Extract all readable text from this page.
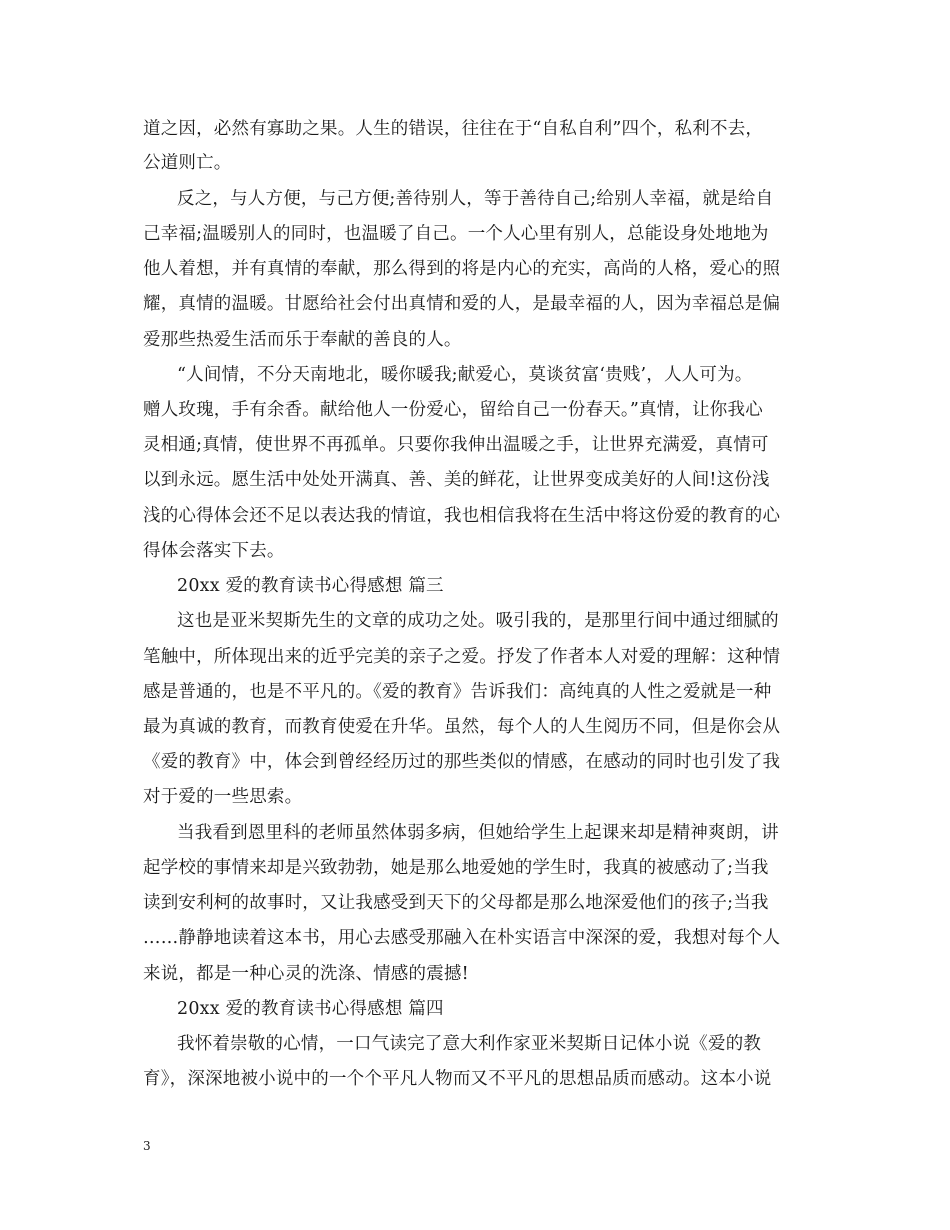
道之因，必然有寡助之果。人生的错误，往往在于“自私自利”四个，私利不去，
公道则亡。
反之，与人方便，与己方便;善待别人，等于善待自己;给别人幸福，就是给自
己幸福;温暖别人的同时，也温暖了自己。一个人心里有别人，总能设身处地地为
他人着想，并有真情的奉献，那么得到的将是内心的充实，高尚的人格，爱心的照
耀，真情的温暖。甘愿给社会付出真情和爱的人，是最幸福的人，因为幸福总是偏
爱那些热爱生活而乐于奉献的善良的人。
“人间情，不分天南地北，暖你暖我;献爱心，莫谈贫富‘贵贱’，人人可为。
赠人玫瑰，手有余香。献给他人一份爱心，留给自己一份春天。”真情，让你我心
灵相通;真情，使世界不再孤单。只要你我伸出温暖之手，让世界充满爱，真情可
以到永远。愿生活中处处开满真、善、美的鲜花，让世界变成美好的人间!这份浅
浅的心得体会还不足以表达我的情谊，我也相信我将在生活中将这份爱的教育的心
得体会落实下去。
20xx 爱的教育读书心得感想 篇三
这也是亚米契斯先生的文章的成功之处。吸引我的，是那里行间中通过细腻的
笔触中，所体现出来的近乎完美的亲子之爱。抒发了作者本人对爱的理解：这种情
感是普通的，也是不平凡的。《爱的教育》告诉我们：高纯真的人性之爱就是一种
最为真诚的教育，而教育使爱在升华。虽然，每个人的人生阅历不同，但是你会从
《爱的教育》中，体会到曾经经历过的那些类似的情感，在感动的同时也引发了我
对于爱的一些思索。
当我看到恩里科的老师虽然体弱多病，但她给学生上起课来却是精神爽朗，讲
起学校的事情来却是兴致勃勃，她是那么地爱她的学生时，我真的被感动了;当我
读到安利柯的故事时，又让我感受到天下的父母都是那么地深爱他们的孩子;当我
……静静地读着这本书，用心去感受那融入在朴实语言中深深的爱，我想对每个人
来说，都是一种心灵的洗涤、情感的震撼!
20xx 爱的教育读书心得感想 篇四
我怀着崇敬的心情，一口气读完了意大利作家亚米契斯日记体小说《爱的教
育》，深深地被小说中的一个个平凡人物而又不平凡的思想品质而感动。这本小说
3
